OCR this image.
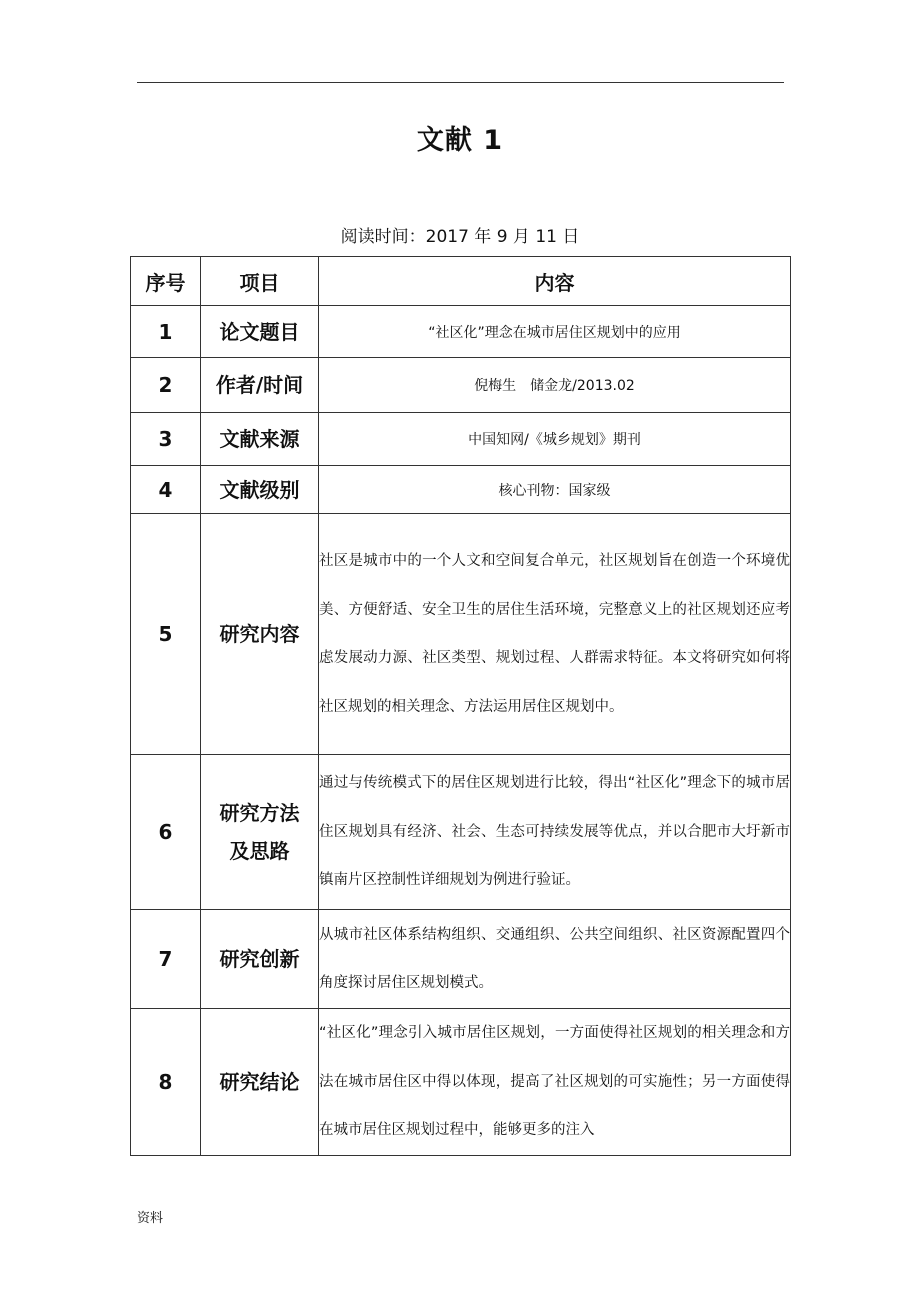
文献 1
阅读时间：2017 年 9 月 11 日
序号	项目	内容
1	论文题目	“社区化”理念在城市居住区规划中的应用
2	作者/时间	倪梅生　储金龙/2013.02
3	文献来源	中国知网/《城乡规划》期刊
4	文献级别	核心刊物：国家级
5	研究内容	社区是城市中的一个人文和空间复合单元，社区规划旨在创造一个环境优美、方便舒适、安全卫生的居住生活环境，完整意义上的社区规划还应考虑发展动力源、社区类型、规划过程、人群需求特征。本文将研究如何将社区规划的相关理念、方法运用居住区规划中。
6	研究方法及思路	通过与传统模式下的居住区规划进行比较，得出“社区化”理念下的城市居住区规划具有经济、社会、生态可持续发展等优点，并以合肥市大圩新市镇南片区控制性详细规划为例进行验证。
7	研究创新	从城市社区体系结构组织、交通组织、公共空间组织、社区资源配置四个角度探讨居住区规划模式。
8	研究结论	“社区化”理念引入城市居住区规划，一方面使得社区规划的相关理念和方法在城市居住区中得以体现，提高了社区规划的可实施性；另一方面使得在城市居住区规划过程中，能够更多的注入
资料
